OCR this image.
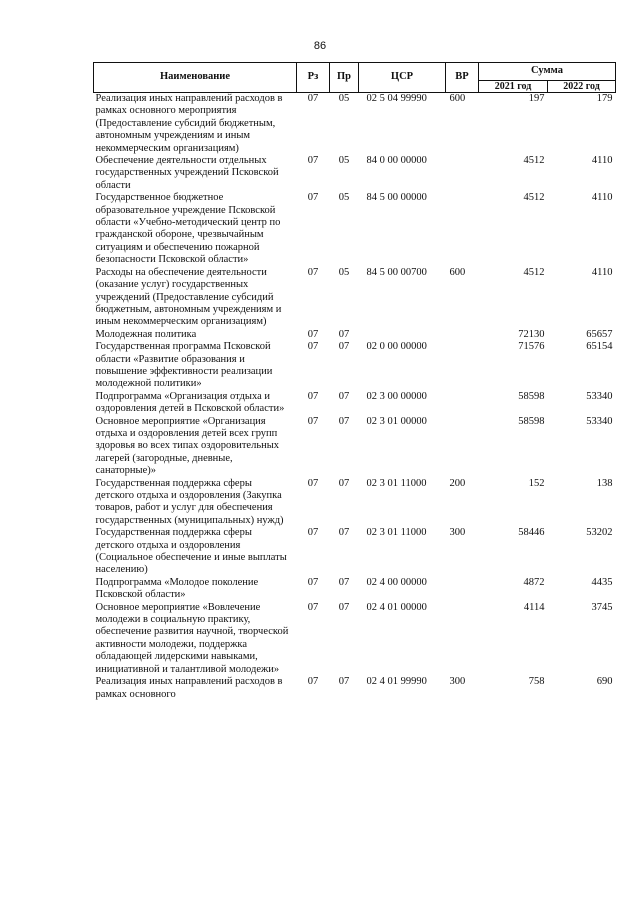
86
Наименование	Рз	Пр	ЦСР	ВР	Сумма	
					2021 год	2022 год
Реализация иных направлений расходов в рамках основного мероприятия (Предоставление субсидий бюджетным, автономным учреждениям и иным некоммерческим организациям)	07	05	02 5 04 99990	600	197	179
Обеспечение деятельности отдельных государственных учреждений Псковской области	07	05	84 0 00 00000		4512	4110
Государственное бюджетное образовательное учреждение Псковской области «Учебно-методический центр по гражданской обороне, чрезвычайным ситуациям и обеспечению пожарной безопасности Псковской области»	07	05	84 5 00 00000		4512	4110
Расходы на обеспечение деятельности (оказание услуг) государственных учреждений (Предоставление субсидий бюджетным, автономным учреждениям и иным некоммерческим организациям)	07	05	84 5 00 00700	600	4512	4110
Молодежная политика	07	07			72130	65657
Государственная программа Псковской области «Развитие образования и повышение эффективности реализации молодежной политики»	07	07	02 0 00 00000		71576	65154
Подпрограмма «Организация отдыха и оздоровления детей в Псковской области»	07	07	02 3 00 00000		58598	53340
Основное мероприятие «Организация отдыха и оздоровления детей всех групп здоровья во всех типах оздоровительных лагерей (загородные, дневные, санаторные)»	07	07	02 3 01 00000		58598	53340
Государственная поддержка сферы детского отдыха и оздоровления (Закупка товаров, работ и услуг для обеспечения государственных (муниципальных) нужд)	07	07	02 3 01 11000	200	152	138
Государственная поддержка сферы детского отдыха и оздоровления (Социальное обеспечение и иные выплаты населению)	07	07	02 3 01 11000	300	58446	53202
Подпрограмма «Молодое поколение Псковской области»	07	07	02 4 00 00000		4872	4435
Основное мероприятие «Вовлечение молодежи в социальную практику, обеспечение развития научной, творческой активности молодежи, поддержка обладающей лидерскими навыками, инициативной и талантливой молодежи»	07	07	02 4 01 00000		4114	3745
Реализация иных направлений расходов в рамках основного	07	07	02 4 01 99990	300	758	690
